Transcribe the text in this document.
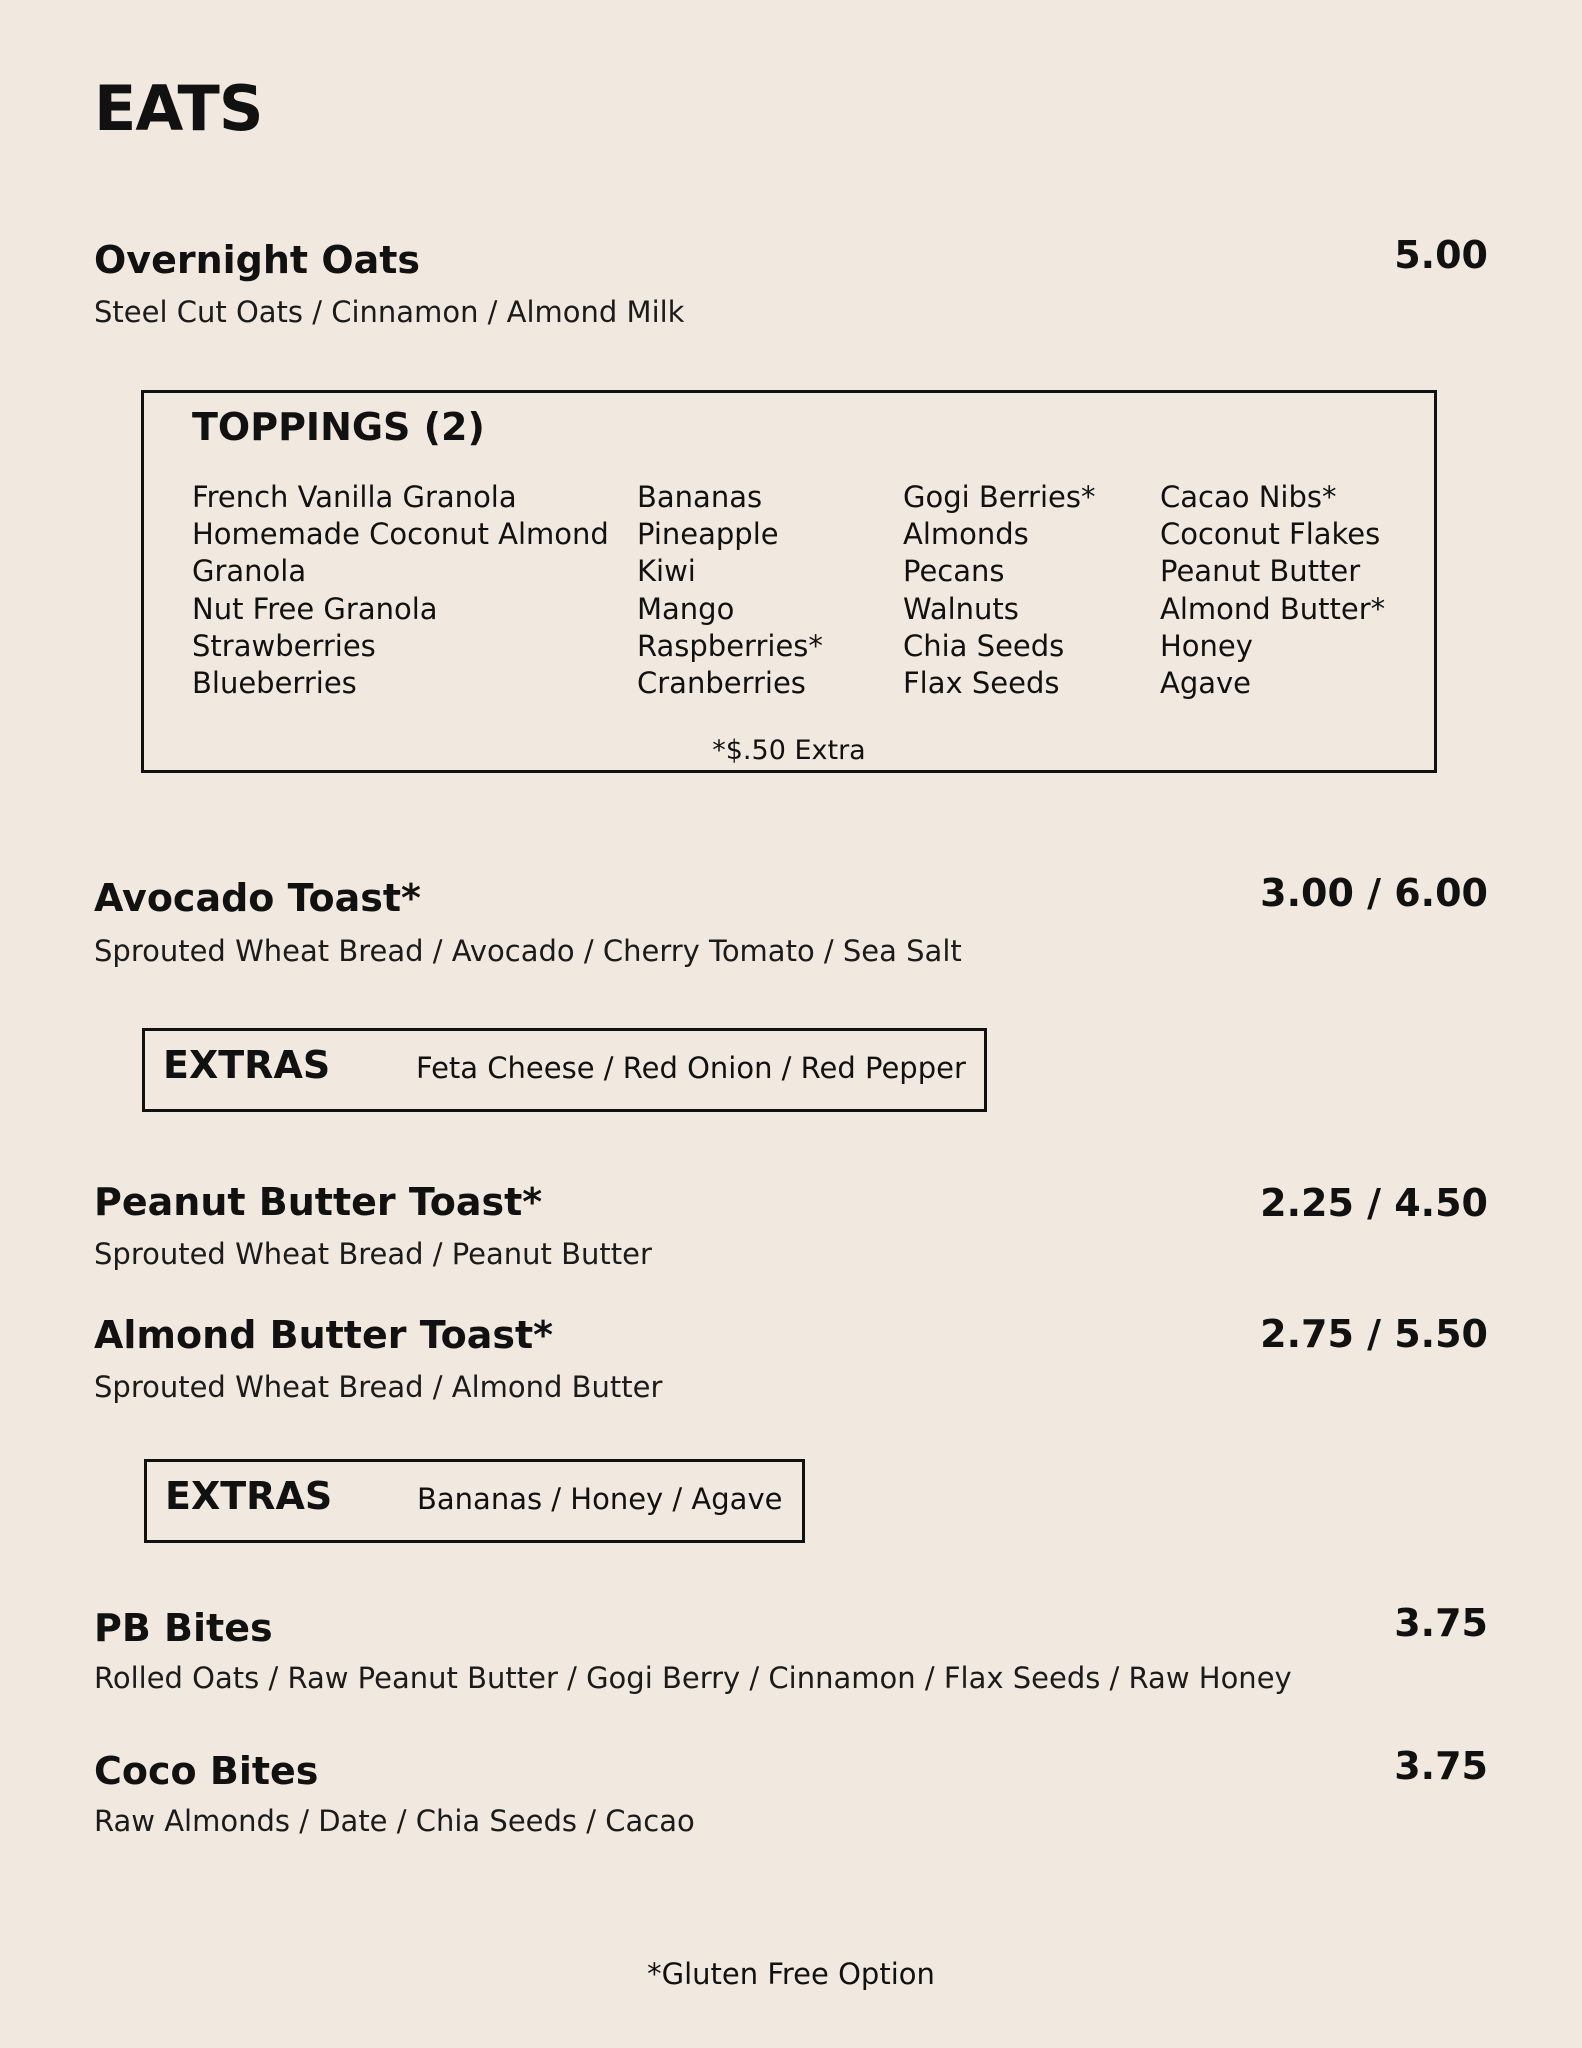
EATS
Overnight Oats	5.00
Steel Cut Oats / Cinnamon / Almond Milk
TOPPINGS (2)
French Vanilla Granola
Homemade Coconut Almond
Granola
Nut Free Granola
Strawberries
Blueberries
Bananas
Pineapple
Kiwi
Mango
Raspberries*
Cranberries
Gogi Berries*
Almonds
Pecans
Walnuts
Chia Seeds
Flax Seeds
Cacao Nibs*
Coconut Flakes
Peanut Butter
Almond Butter*
Honey
Agave
*$.50 Extra
Avocado Toast*	3.00 / 6.00
Sprouted Wheat Bread / Avocado / Cherry Tomato / Sea Salt
EXTRAS	Feta Cheese / Red Onion / Red Pepper
Peanut Butter Toast*	2.25 / 4.50
Sprouted Wheat Bread / Peanut Butter
Almond Butter Toast*	2.75 / 5.50
Sprouted Wheat Bread / Almond Butter
EXTRAS	Bananas / Honey / Agave
PB Bites	3.75
Rolled Oats / Raw Peanut Butter / Gogi Berry / Cinnamon / Flax Seeds / Raw Honey
Coco Bites	3.75
Raw Almonds / Date / Chia Seeds / Cacao
*Gluten Free Option
